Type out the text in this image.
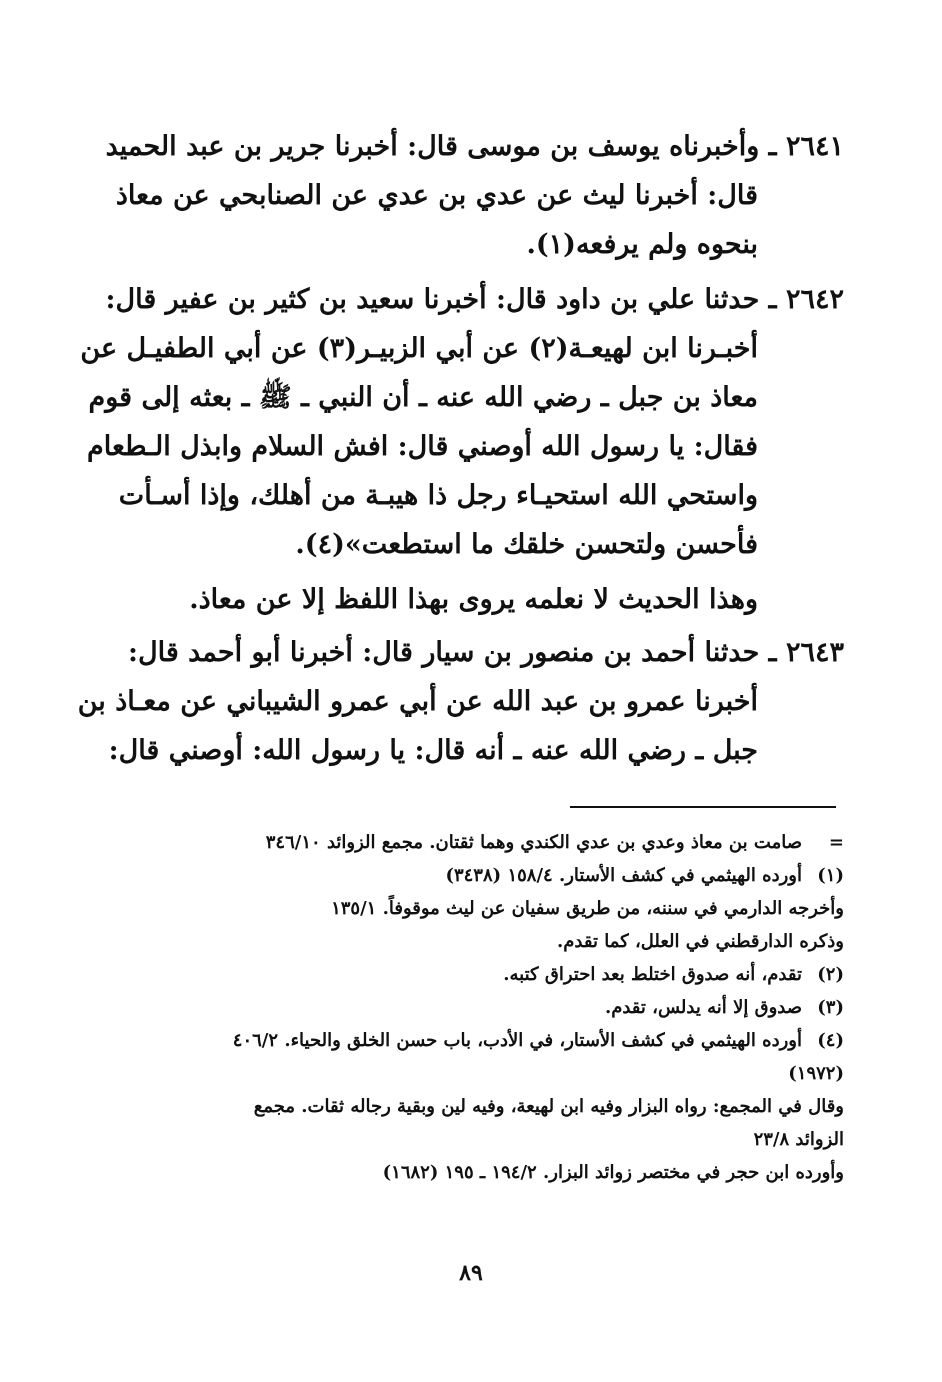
٢٦٤١ ـ وأخبرناه يوسف بن موسى قال: أخبرنا جرير بن عبد الحميد
قال: أخبرنا ليث عن عدي بن عدي عن الصنابحي عن معاذ
بنحوه ولم يرفعه(١).
٢٦٤٢ ـ حدثنا علي بن داود قال: أخبرنا سعيد بن كثير بن عفير قال:
أخبـرنا ابن لهيعـة(٢) عن أبي الزبيـر(٣) عن أبي الطفيـل عن
معاذ بن جبل ـ رضي الله عنه ـ أن النبي ـ ﷺ ـ بعثه إلى قوم
فقال: يا رسول الله أوصني قال: افش السلام وابذل الـطعام
واستحي الله استحيـاء رجل ذا هيبـة من أهلك، وإذا أسـأت
فأحسن ولتحسن خلقك ما استطعت»(٤).
وهذا الحديث لا نعلمه يروى بهذا اللفظ إلا عن معاذ.
٢٦٤٣ ـ حدثنا أحمد بن منصور بن سيار قال: أخبرنا أبو أحمد قال:
أخبرنا عمرو بن عبد الله عن أبي عمرو الشيباني عن معـاذ بن
جبل ـ رضي الله عنه ـ أنه قال: يا رسول الله: أوصني قال:
=صامت بن معاذ وعدي بن عدي الكندي وهما ثقتان. مجمع الزوائد ٣٤٦/١٠
(١)أورده الهيثمي في كشف الأستار. ١٥٨/٤ (٣٤٣٨)
وأخرجه الدارمي في سننه، من طريق سفيان عن ليث موقوفاً. ١٣٥/١
وذكره الدارقطني في العلل، كما تقدم.
(٢)تقدم، أنه صدوق اختلط بعد احتراق كتبه.
(٣)صدوق إلا أنه يدلس، تقدم.
(٤)أورده الهيثمي في كشف الأستار، في الأدب، باب حسن الخلق والحياء. ٤٠٦/٢
(١٩٧٢)
وقال في المجمع: رواه البزار وفيه ابن لهيعة، وفيه لين وبقية رجاله ثقات. مجمع
الزوائد ٢٣/٨
وأورده ابن حجر في مختصر زوائد البزار. ١٩٤/٢ ـ ١٩٥ (١٦٨٢)
٨٩
